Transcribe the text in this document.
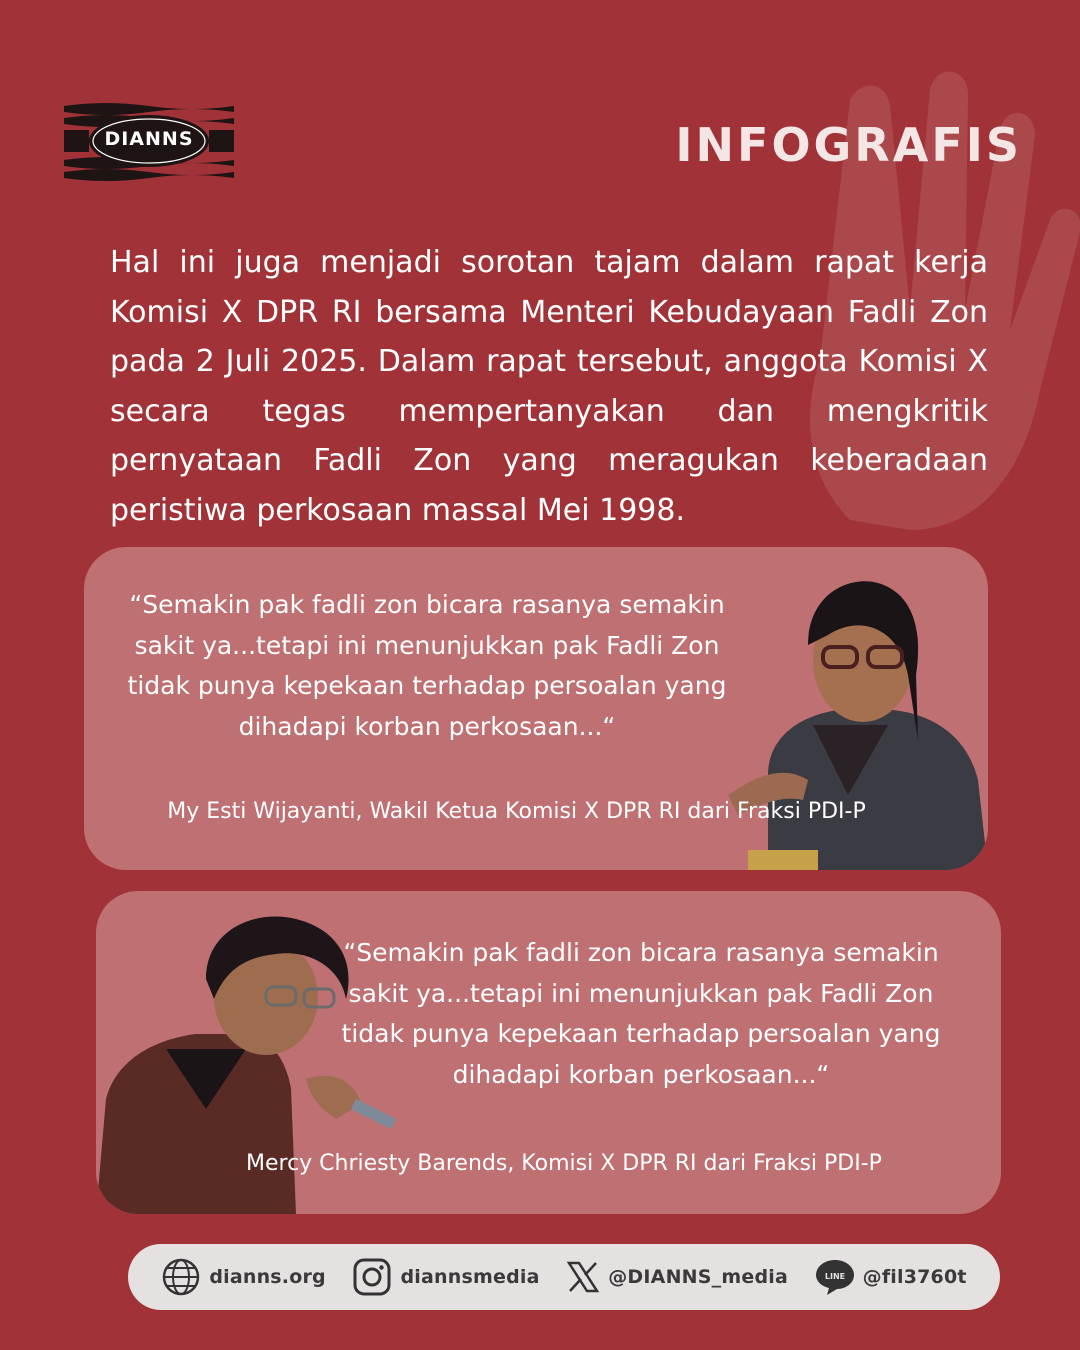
DIANNS	INFOGRAFIS

Hal ini juga menjadi sorotan tajam dalam rapat kerja Komisi X DPR RI bersama Menteri Kebudayaan Fadli Zon pada 2 Juli 2025. Dalam rapat tersebut, anggota Komisi X secara tegas mempertanyakan dan mengkritik pernyataan Fadli Zon yang meragukan keberadaan peristiwa perkosaan massal Mei 1998.

“Semakin pak fadli zon bicara rasanya semakin sakit ya...tetapi ini menunjukkan pak Fadli Zon tidak punya kepekaan terhadap persoalan yang dihadapi korban perkosaan...“

My Esti Wijayanti, Wakil Ketua Komisi X DPR RI dari Fraksi PDI-P

“Semakin pak fadli zon bicara rasanya semakin sakit ya...tetapi ini menunjukkan pak Fadli Zon tidak punya kepekaan terhadap persoalan yang dihadapi korban perkosaan...“

Mercy Chriesty Barends, Komisi X DPR RI dari Fraksi PDI-P
dianns.org	diannsmedia	@DIANNS_media	LINE @fil3760t
